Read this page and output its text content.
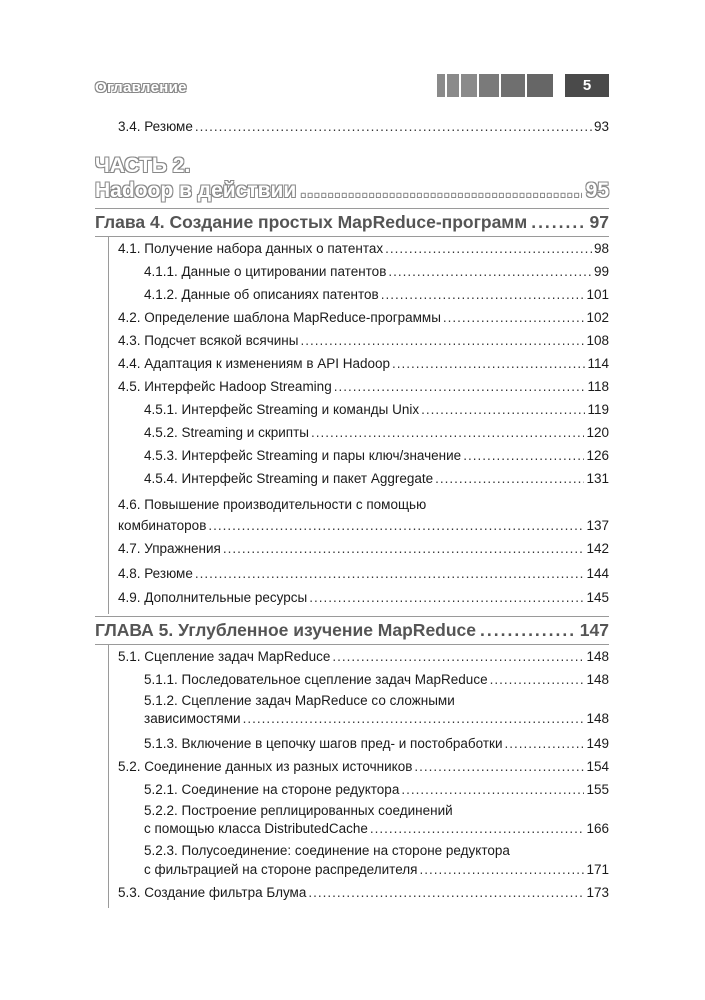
Оглавление	5
3.4. Резюме .....	93
ЧАСТЬ 2.
Hadoop в действии .....	95
Глава 4. Создание простых MapReduce-программ .....	97
4.1. Получение набора данных о патентах .....	98
4.1.1. Данные о цитировании патентов .....	99
4.1.2. Данные об описаниях патентов .....	101
4.2. Определение шаблона MapReduce-программы .....	102
4.3. Подсчет всякой всячины .....	108
4.4. Адаптация к изменениям в API Hadoop .....	114
4.5. Интерфейс Hadoop Streaming .....	118
4.5.1. Интерфейс Streaming и команды Unix .....	119
4.5.2. Streaming и скрипты .....	120
4.5.3. Интерфейс Streaming и пары ключ/значение .....	126
4.5.4. Интерфейс Streaming и пакет Aggregate .....	131
4.6. Повышение производительности с помощью
комбинаторов .....	137
4.7. Упражнения .....	142
4.8. Резюме .....	144
4.9. Дополнительные ресурсы .....	145
ГЛАВА 5. Углубленное изучение MapReduce .....	147
5.1. Сцепление задач MapReduce .....	148
5.1.1. Последовательное сцепление задач MapReduce .....	148
5.1.2. Сцепление задач MapReduce со сложными
зависимостями .....	148
5.1.3. Включение в цепочку шагов пред- и постобработки .....	149
5.2. Соединение данных из разных источников .....	154
5.2.1. Соединение на стороне редуктора .....	155
5.2.2. Построение реплицированных соединений
с помощью класса DistributedCache .....	166
5.2.3. Полусоединение: соединение на стороне редуктора
с фильтрацией на стороне распределителя .....	171
5.3. Создание фильтра Блума .....	173
